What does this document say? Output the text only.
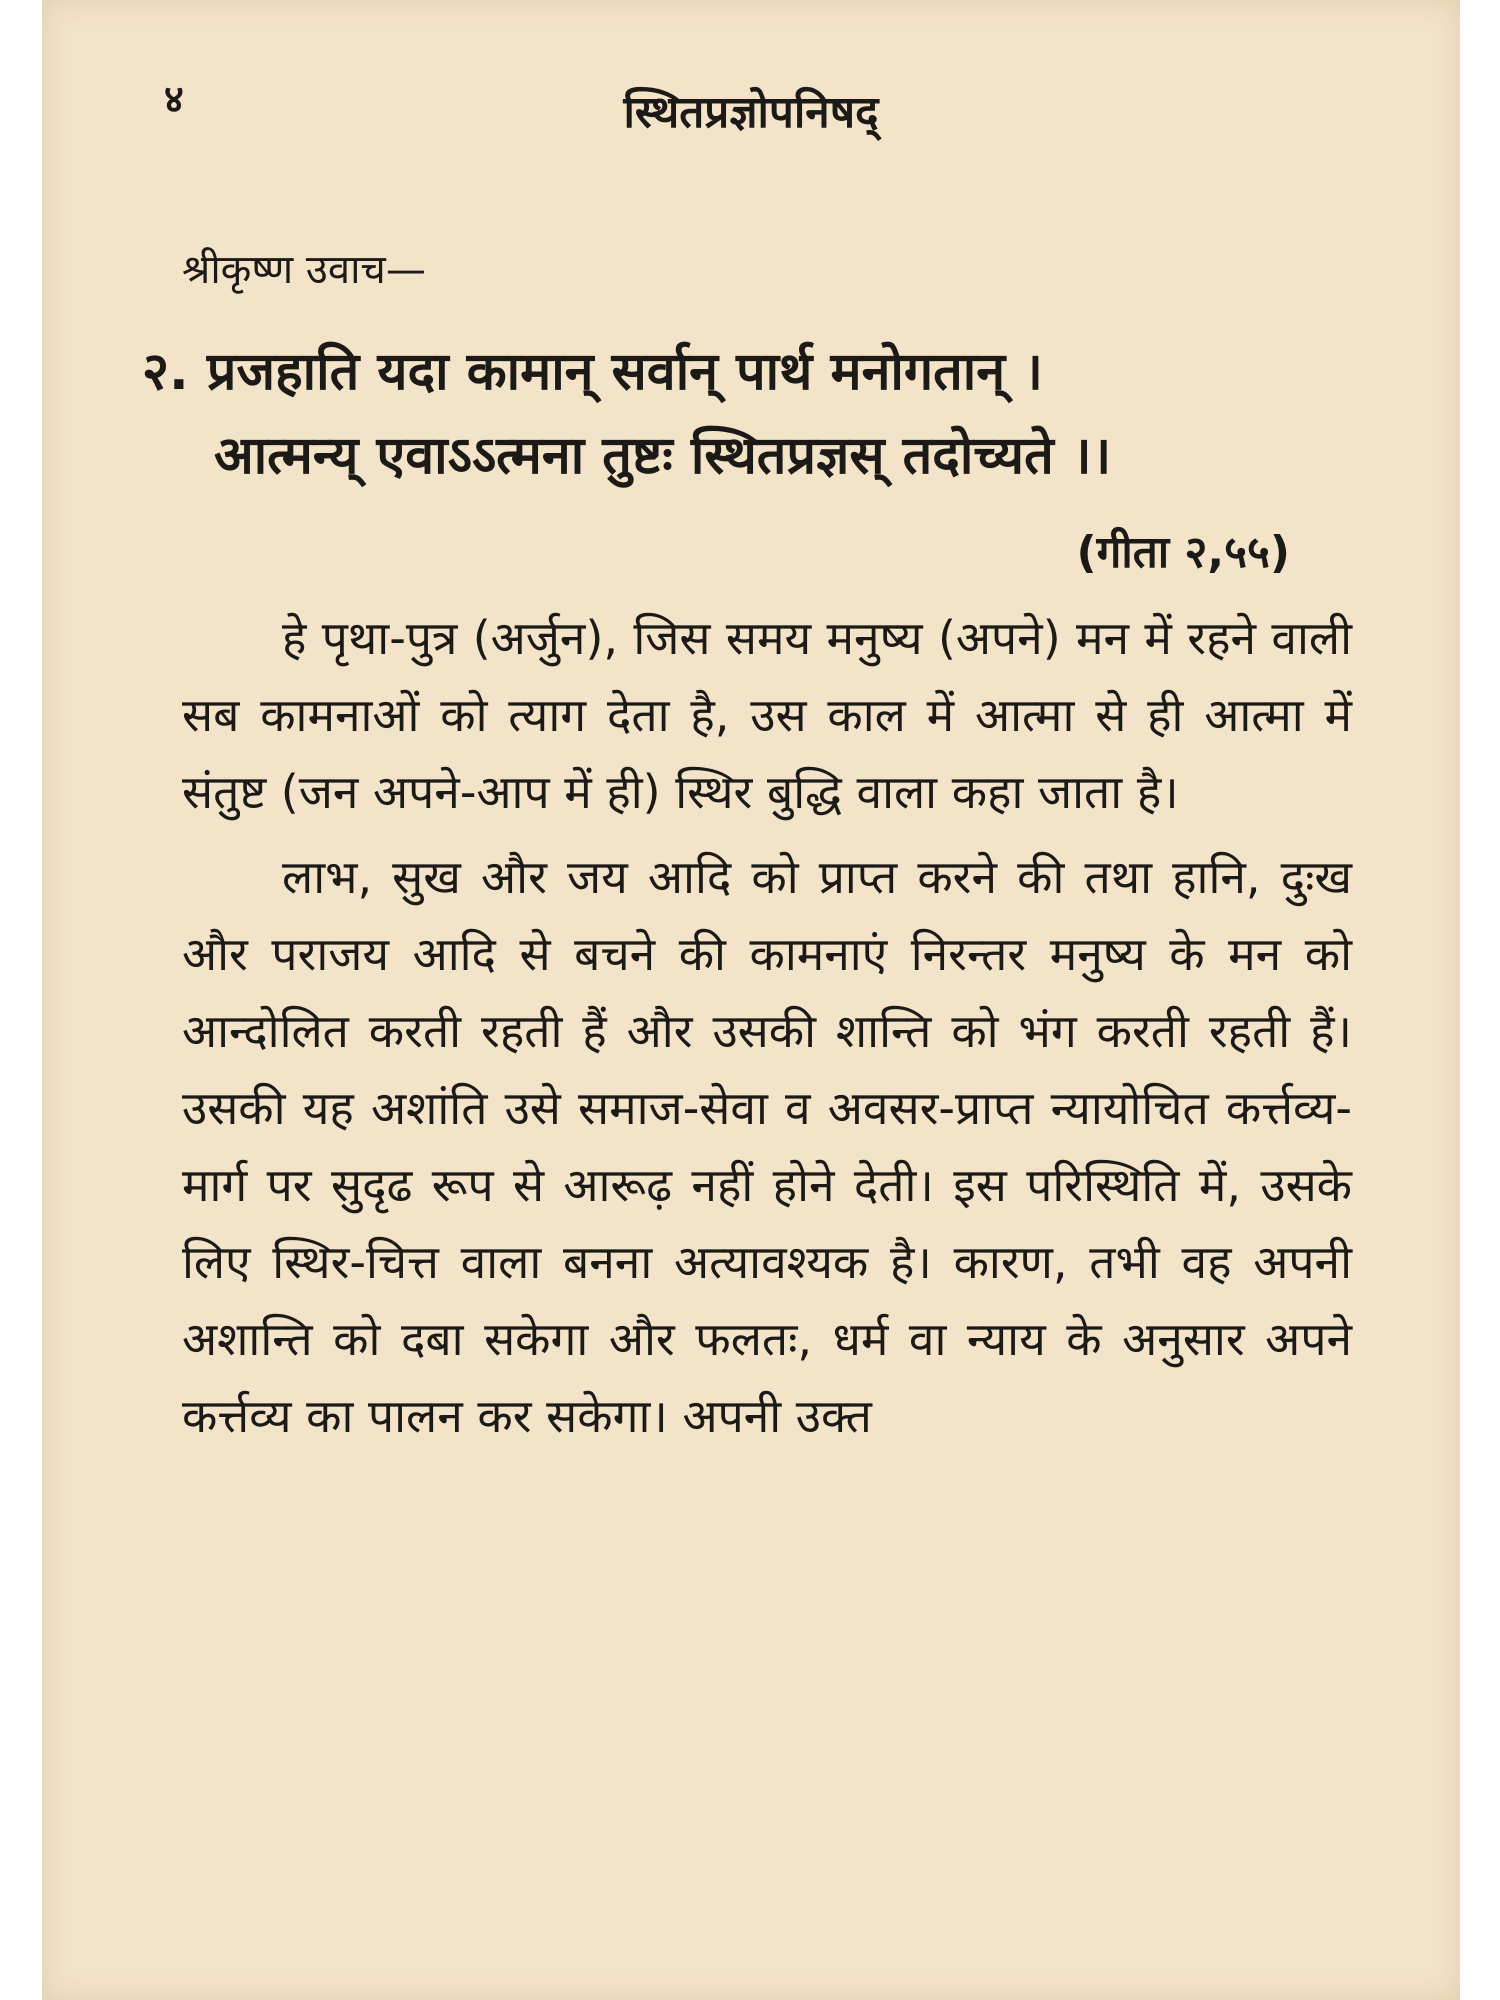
४	स्थितप्रज्ञोपनिषद्
श्रीकृष्ण उवाच—
२. प्रजहाति यदा कामान् सर्वान् पार्थ मनोगतान् ।
आत्मन्य् एवाऽऽत्मना तुष्टः स्थितप्रज्ञस् तदोच्यते ।।
(गीता २,५५)

हे पृथा-पुत्र (अर्जुन), जिस समय मनुष्य (अपने) मन में रहने वाली सब कामनाओं को त्याग देता है, उस काल में आत्मा से ही आत्मा में संतुष्ट (जन अपने-आप में ही) स्थिर बुद्धि वाला कहा जाता है।

लाभ, सुख और जय आदि को प्राप्त करने की तथा हानि, दुःख और पराजय आदि से बचने की कामनाएं निरन्तर मनुष्य के मन को आन्दोलित करती रहती हैं और उसकी शान्ति को भंग करती रहती हैं। उसकी यह अशांति उसे समाज-सेवा व अवसर-प्राप्त न्यायोचित कर्त्तव्य-मार्ग पर सुदृढ रूप से आरूढ़ नहीं होने देती। इस परिस्थिति में, उसके लिए स्थिर-चित्त वाला बनना अत्यावश्यक है। कारण, तभी वह अपनी अशान्ति को दबा सकेगा और फलतः, धर्म वा न्याय के अनुसार अपने कर्त्तव्य का पालन कर सकेगा। अपनी उक्त
